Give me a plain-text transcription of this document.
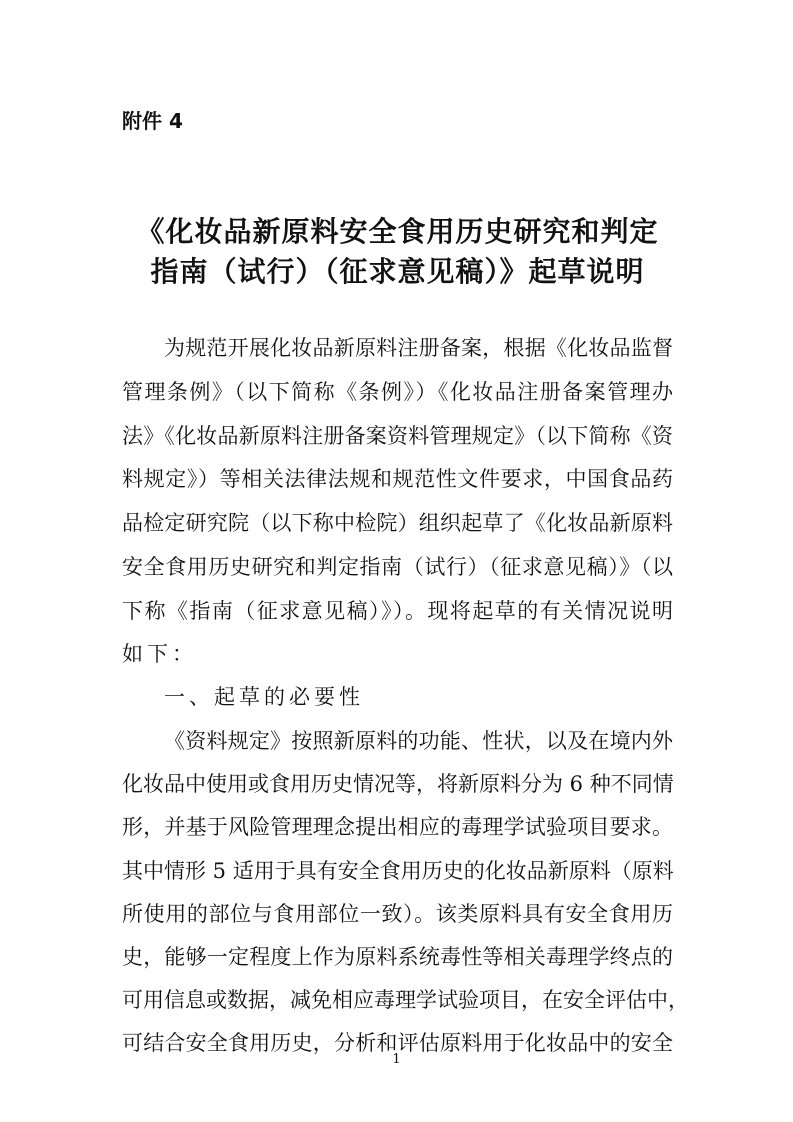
附件 4
《化妆品新原料安全食用历史研究和判定
指南（试行）（征求意见稿）》起草说明
为规范开展化妆品新原料注册备案，根据《化妆品监督
管理条例》（以下简称《条例》）《化妆品注册备案管理办
法》《化妆品新原料注册备案资料管理规定》（以下简称《资
料规定》）等相关法律法规和规范性文件要求，中国食品药
品检定研究院（以下称中检院）组织起草了《化妆品新原料
安全食用历史研究和判定指南（试行）（征求意见稿）》（以
下称《指南（征求意见稿）》）。现将起草的有关情况说明
如下：
一、起草的必要性
《资料规定》按照新原料的功能、性状，以及在境内外
化妆品中使用或食用历史情况等，将新原料分为 6 种不同情
形，并基于风险管理理念提出相应的毒理学试验项目要求。
其中情形 5 适用于具有安全食用历史的化妆品新原料（原料
所使用的部位与食用部位一致）。该类原料具有安全食用历
史，能够一定程度上作为原料系统毒性等相关毒理学终点的
可用信息或数据，减免相应毒理学试验项目，在安全评估中，
可结合安全食用历史，分析和评估原料用于化妆品中的安全
1
